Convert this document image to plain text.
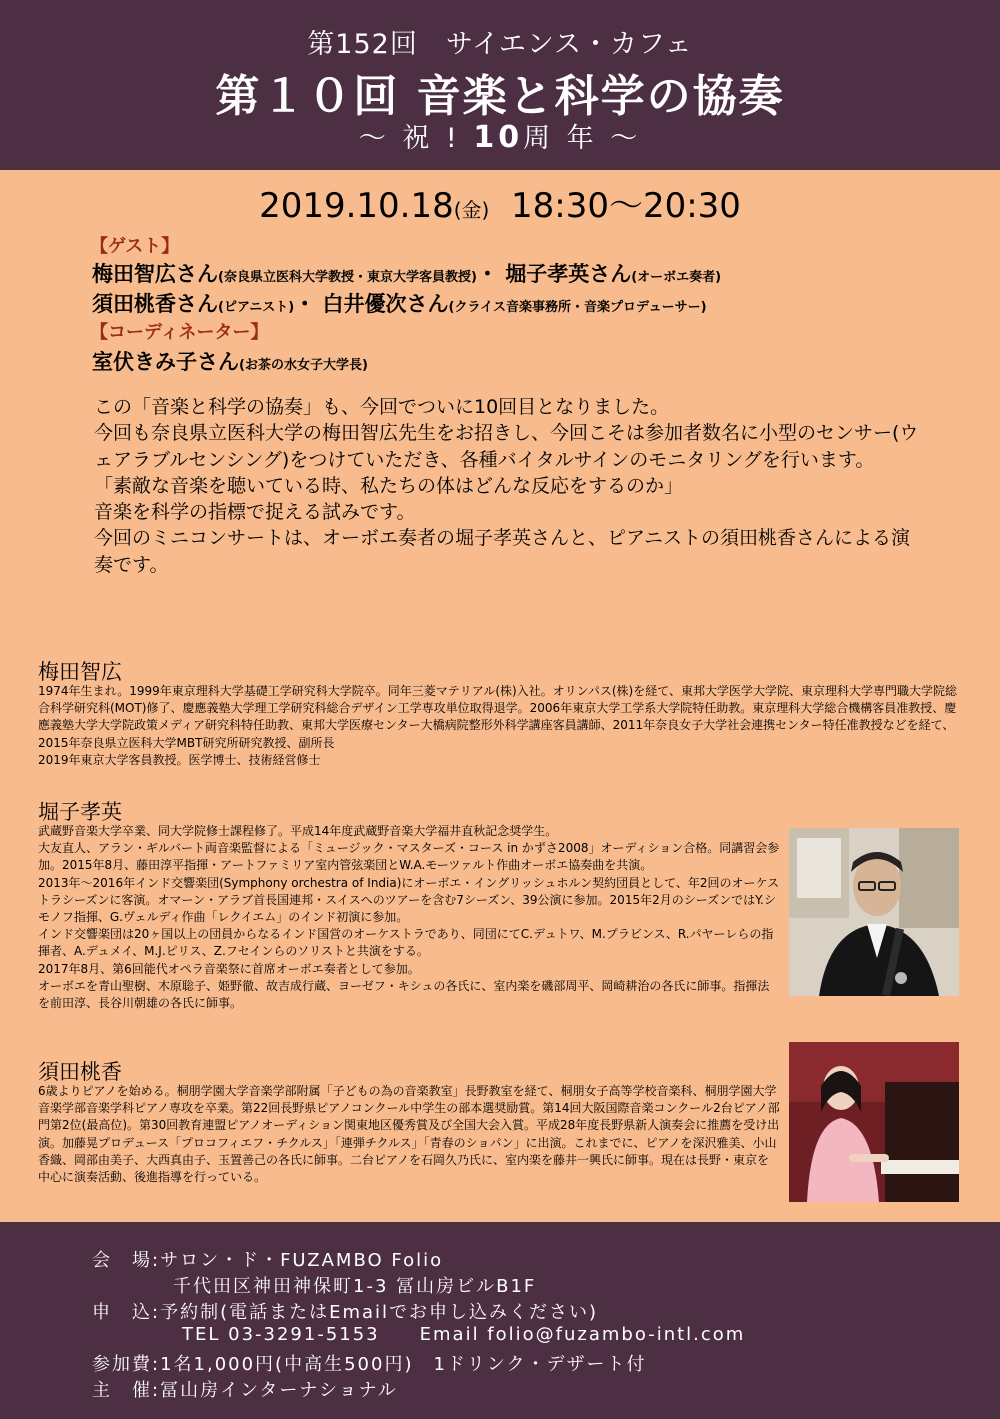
第152回　サイエンス・カフェ
第１０回 音楽と科学の協奏
～ 祝 ! 10周 年 ～
2019.10.18(金) 18:30〜20:30
【ゲスト】
梅田智広さん(奈良県立医科大学教授・東京大学客員教授)・ 堀子孝英さん(オーボエ奏者)
須田桃香さん(ピアニスト)・ 白井優次さん(クライス音楽事務所・音楽プロデューサー)
【コーディネーター】
室伏きみ子さん(お茶の水女子大学長)

この「音楽と科学の協奏」も、今回でついに10回目となりました。

今回も奈良県立医科大学の梅田智広先生をお招きし、今回こそは参加者数名に小型のセンサー(ウェアラブルセンシング)をつけていただき、各種バイタルサインのモニタリングを行います。

「素敵な音楽を聴いている時、私たちの体はどんな反応をするのか」

音楽を科学の指標で捉える試みです。

今回のミニコンサートは、オーボエ奏者の堀子孝英さんと、ピアニストの須田桃香さんによる演奏です。

梅田智広

1974年生まれ。1999年東京理科大学基礎工学研究科大学院卒。同年三菱マテリアル(株)入社。オリンパス(株)を経て、東邦大学医学大学院、東京理科大学専門職大学院総合科学研究科(MOT)修了、慶應義塾大学理工学研究科総合デザイン工学専攻単位取得退学。2006年東京大学工学系大学院特任助教。東京理科大学総合機構客員准教授、慶應義塾大学大学院政策メディア研究科特任助教、東邦大学医療センター大橋病院整形外科学講座客員講師、2011年奈良女子大学社会連携センター特任准教授などを経て、2015年奈良県立医科大学MBT研究所研究教授、副所長

2019年東京大学客員教授。医学博士、技術経営修士

堀子孝英

武蔵野音楽大学卒業、同大学院修士課程修了。平成14年度武蔵野音楽大学福井直秋記念奨学生。

大友直人、アラン・ギルバート両音楽監督による「ミュージック・マスターズ・コース in かずさ2008」オーディション合格。同講習会参加。2015年8月、藤田淳平指揮・アートファミリア室内管弦楽団とW.A.モーツァルト作曲オーボエ協奏曲を共演。

2013年～2016年インド交響楽団(Symphony orchestra of India)にオーボエ・イングリッシュホルン契約団員として、年2回のオーケストラシーズンに客演。オマーン・アラブ首長国連邦・スイスへのツアーを含む7シーズン、39公演に参加。2015年2月のシーズンではY.シモノフ指揮、G.ヴェルディ作曲「レクイエム」のインド初演に参加。

インド交響楽団は20ヶ国以上の団員からなるインド国営のオーケストラであり、同団にてC.デュトワ、M.プラビンス、R.パヤーレらの指揮者、A.デュメイ、M.J.ピリス、Z.フセインらのソリストと共演をする。

2017年8月、第6回能代オペラ音楽祭に首席オーボエ奏者として参加。

オーボエを青山聖樹、木原聡子、姫野徹、故吉成行蔵、ヨーゼフ・キシュの各氏に、室内楽を磯部周平、岡崎耕治の各氏に師事。指揮法を前田淳、長谷川朝雄の各氏に師事。

須田桃香

6歳よりピアノを始める。桐朋学園大学音楽学部附属「子どもの為の音楽教室」長野教室を経て、桐朋女子高等学校音楽科、桐朋学園大学音楽学部音楽学科ピアノ専攻を卒業。第22回長野県ピアノコンクール中学生の部本選奨励賞。第14回大阪国際音楽コンクール2台ピアノ部門第2位(最高位)。第30回教育連盟ピアノオーディション関東地区優秀賞及び全国大会入賞。平成28年度長野県新人演奏会に推薦を受け出演。加藤晃プロデュース「プロコフィエフ・チクルス」「連弾チクルス」「青春のショパン」に出演。これまでに、ピアノを深沢雅美、小山香織、岡部由美子、大西真由子、玉置善己の各氏に師事。二台ピアノを石岡久乃氏に、室内楽を藤井一興氏に師事。現在は長野・東京を中心に演奏活動、後進指導を行っている。

会　場:サロン・ド・FUZAMBO Folio
千代田区神田神保町1-3 冨山房ビルB1F
申　込:予約制(電話またはEmailでお申し込みください)
TEL 03-3291-5153 Email folio@fuzambo-intl.com
参加費:1名1,000円(中高生500円)　1ドリンク・デザート付
主　催:冨山房インターナショナル
